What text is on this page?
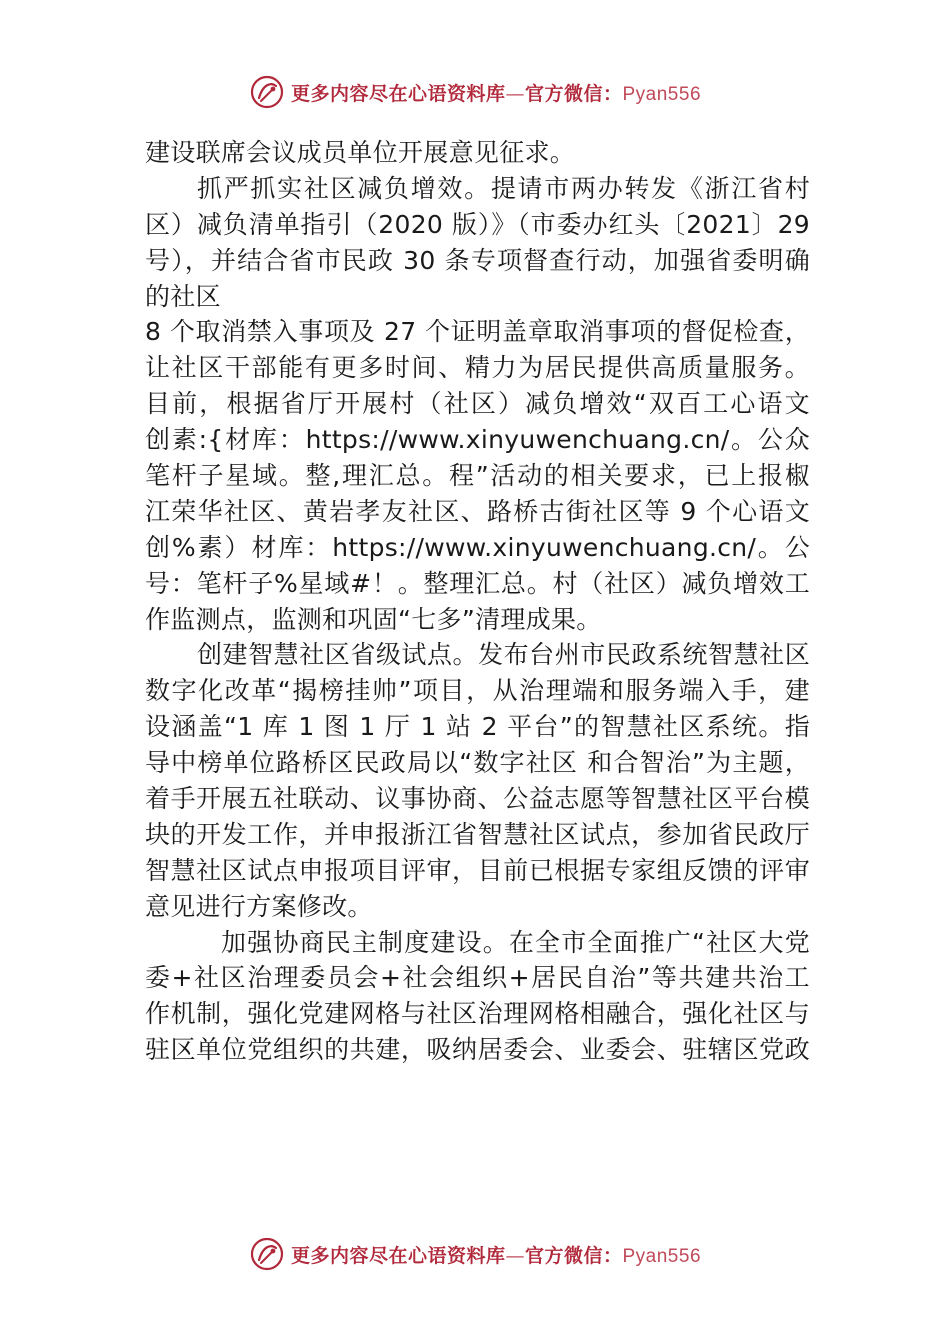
更多内容尽在心语资料库—官方微信：Pyan556
建设联席会议成员单位开展意见征求。
抓严抓实社区减负增效。提请市两办转发《浙江省村
区）减负清单指引（2020 版）》（市委办红头〔2021〕29
号），并结合省市民政 30 条专项督查行动，加强省委明确
的社区
8 个取消禁入事项及 27 个证明盖章取消事项的督促检查，
让社区干部能有更多时间、精力为居民提供高质量服务。
目前，根据省厅开展村（社区）减负增效“双百工心语文
创素:{材库：https://www.xinyuwenchuang.cn/。公众
笔杆子星域。整,理汇总。程”活动的相关要求，已上报椒
江荣华社区、黄岩孝友社区、路桥古街社区等 9 个心语文
创%素）材库：https://www.xinyuwenchuang.cn/。公
号：笔杆子%星域#！。整理汇总。村（社区）减负增效工
作监测点，监测和巩固“七多”清理成果。
创建智慧社区省级试点。发布台州市民政系统智慧社区
数字化改革“揭榜挂帅”项目，从治理端和服务端入手，建
设涵盖“1 库 1 图 1 厅 1 站 2 平台”的智慧社区系统。指
导中榜单位路桥区民政局以“数字社区 和合智治”为主题，
着手开展五社联动、议事协商、公益志愿等智慧社区平台模
块的开发工作，并申报浙江省智慧社区试点，参加省民政厅
智慧社区试点申报项目评审，目前已根据专家组反馈的评审
意见进行方案修改。
加强协商民主制度建设。在全市全面推广“社区大党
委+社区治理委员会+社会组织+居民自治”等共建共治工
作机制，强化党建网格与社区治理网格相融合，强化社区与
驻区单位党组织的共建，吸纳居委会、业委会、驻辖区党政
更多内容尽在心语资料库—官方微信：Pyan556
